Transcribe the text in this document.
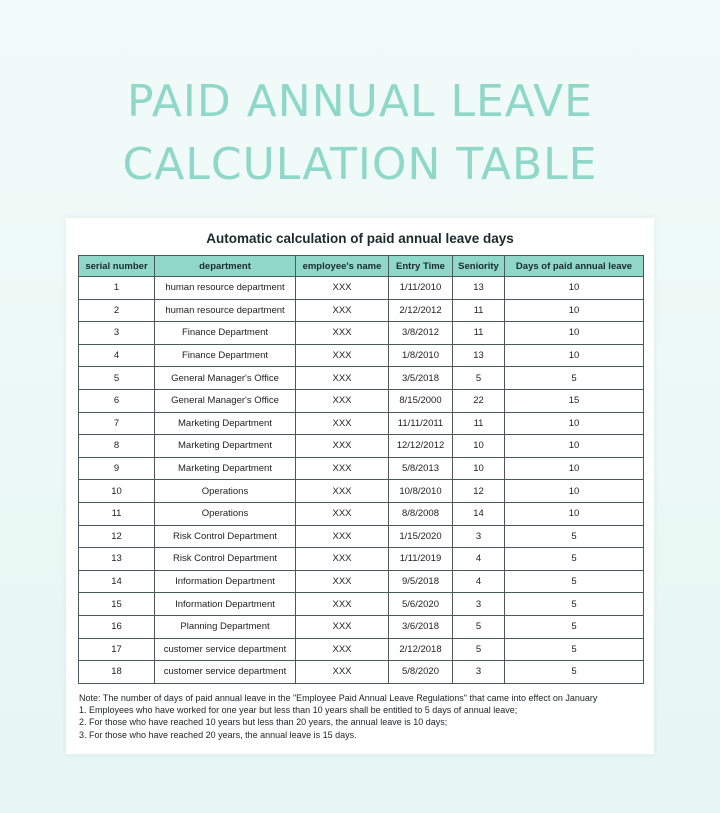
PAID ANNUAL LEAVE
CALCULATION TABLE
Automatic calculation of paid annual leave days
serial number	department	employee's name	Entry Time	Seniority	Days of paid annual leave
1	human resource department	XXX	1/11/2010	13	10
2	human resource department	XXX	2/12/2012	11	10
3	Finance Department	XXX	3/8/2012	11	10
4	Finance Department	XXX	1/8/2010	13	10
5	General Manager's Office	XXX	3/5/2018	5	5
6	General Manager's Office	XXX	8/15/2000	22	15
7	Marketing Department	XXX	11/11/2011	11	10
8	Marketing Department	XXX	12/12/2012	10	10
9	Marketing Department	XXX	5/8/2013	10	10
10	Operations	XXX	10/8/2010	12	10
11	Operations	XXX	8/8/2008	14	10
12	Risk Control Department	XXX	1/15/2020	3	5
13	Risk Control Department	XXX	1/11/2019	4	5
14	Information Department	XXX	9/5/2018	4	5
15	Information Department	XXX	5/6/2020	3	5
16	Planning Department	XXX	3/6/2018	5	5
17	customer service department	XXX	2/12/2018	5	5
18	customer service department	XXX	5/8/2020	3	5
Note: The number of days of paid annual leave in the "Employee Paid Annual Leave Regulations" that came into effect on January
1. Employees who have worked for one year but less than 10 years shall be entitled to 5 days of annual leave;
2. For those who have reached 10 years but less than 20 years, the annual leave is 10 days;
3. For those who have reached 20 years, the annual leave is 15 days.
